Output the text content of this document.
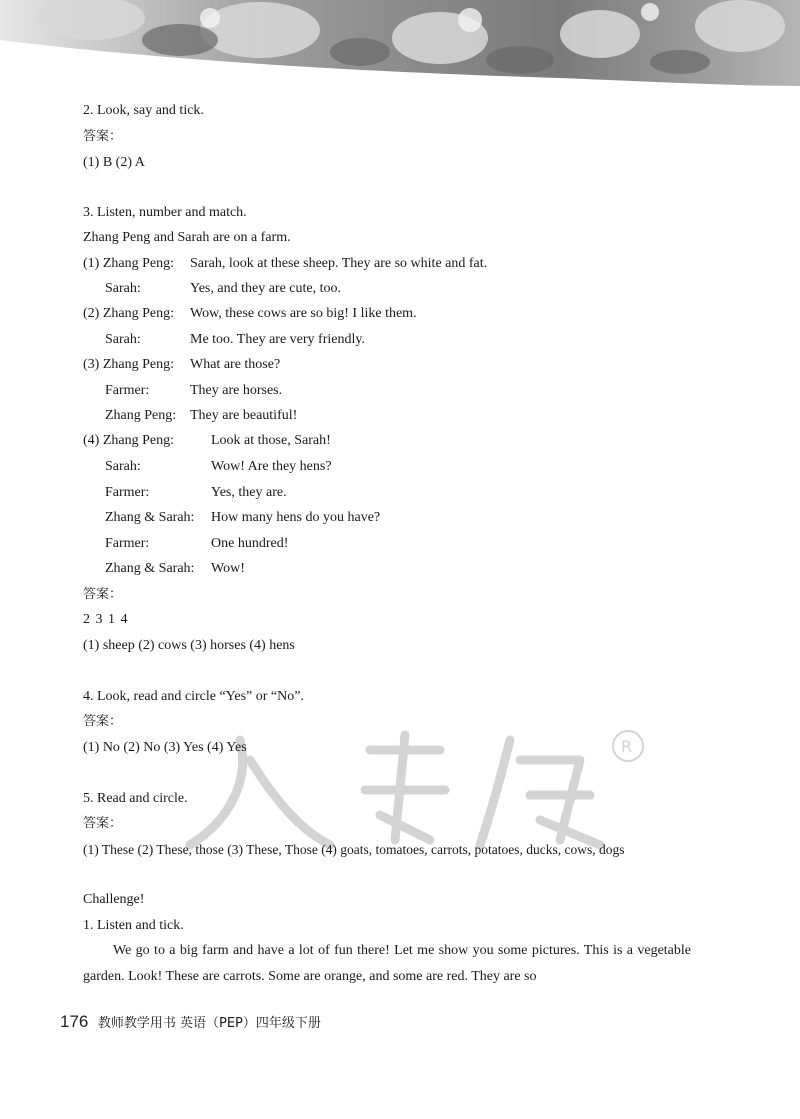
R
2. Look, say and tick.
答案：
(1) B (2) A
3. Listen, number and match.
Zhang Peng and Sarah are on a farm.
(1) Zhang Peng: Sarah, look at these sheep. They are so white and fat.
Sarah:	Yes, and they are cute, too.
(2) Zhang Peng: Wow, these cows are so big! I like them.
Sarah:	Me too. They are very friendly.
(3) Zhang Peng: What are those?
Farmer:	They are horses.
Zhang Peng: They are beautiful!
(4) Zhang Peng:	Look at those, Sarah!
Sarah:	Wow! Are they hens?
Farmer:	Yes, they are.
Zhang & Sarah: How many hens do you have?
Farmer:	One hundred!
Zhang & Sarah: Wow!
答案：
2 3 1 4
(1) sheep (2) cows (3) horses (4) hens
4. Look, read and circle “Yes” or “No”.
答案：
(1) No (2) No (3) Yes (4) Yes
5. Read and circle.
答案：
(1) These (2) These, those (3) These, Those (4) goats, tomatoes, carrots, potatoes, ducks, cows, dogs
Challenge!
1. Listen and tick.
We go to a big farm and have a lot of fun there! Let me show you some pictures. This is a vegetable garden. Look! These are carrots. Some are orange, and some are red. They are so
176 教师教学用书 英语（PEP）四年级下册
